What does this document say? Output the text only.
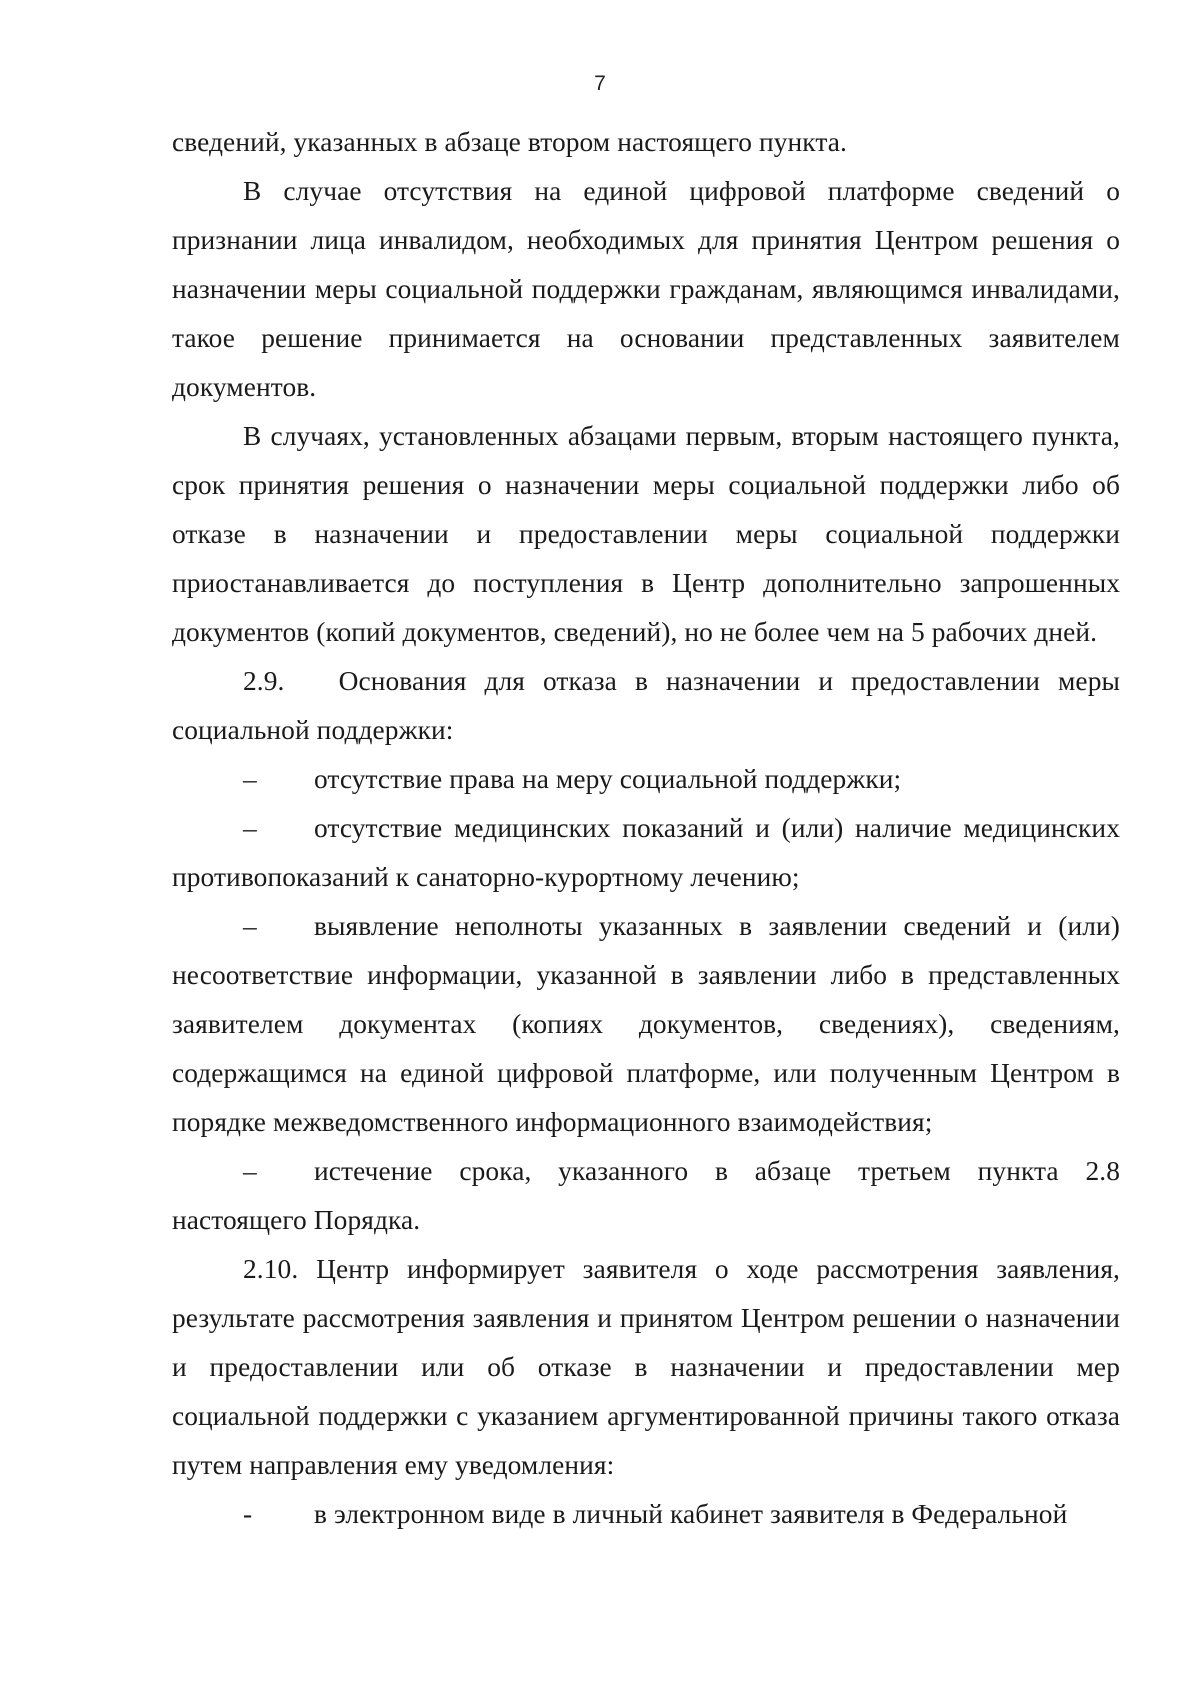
7

сведений, указанных в абзаце втором настоящего пункта.

В случае отсутствия на единой цифровой платформе сведений о признании лица инвалидом, необходимых для принятия Центром решения о назначении меры социальной поддержки гражданам, являющимся инвалидами, такое решение принимается на основании представленных заявителем документов.

В случаях, установленных абзацами первым, вторым настоящего пункта, срок принятия решения о назначении меры социальной поддержки либо об отказе в назначении и предоставлении меры социальной поддержки приостанавливается до поступления в Центр дополнительно запрошенных документов (копий документов, сведений), но не более чем на 5 рабочих дней.

2.9.   Основания для отказа в назначении и предоставлении меры социальной поддержки:

– отсутствие права на меру социальной поддержки;

– отсутствие медицинских показаний и (или) наличие медицинских противопоказаний к санаторно-курортному лечению;

– выявление неполноты указанных в заявлении сведений и (или) несоответствие информации, указанной в заявлении либо в представленных заявителем документах (копиях документов, сведениях), сведениям, содержащимся на единой цифровой платформе, или полученным Центром в порядке межведомственного информационного взаимодействия;

– истечение срока, указанного в абзаце третьем пункта 2.8 настоящего Порядка.

2.10. Центр информирует заявителя о ходе рассмотрения заявления, результате рассмотрения заявления и принятом Центром решении о назначении и предоставлении или об отказе в назначении и предоставлении мер социальной поддержки с указанием аргументированной причины такого отказа путем направления ему уведомления:

- в электронном виде в личный кабинет заявителя в Федеральной
